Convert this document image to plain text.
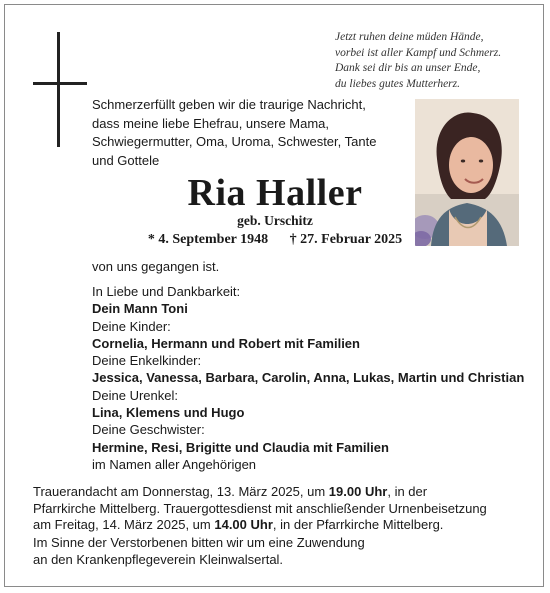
Jetzt ruhen deine müden Hände,
vorbei ist aller Kampf und Schmerz.
Dank sei dir bis an unser Ende,
du liebes gutes Mutterherz.
Schmerzerfüllt geben wir die traurige Nachricht,
dass meine liebe Ehefrau, unsere Mama,
Schwiegermutter, Oma, Uroma, Schwester, Tante
und Gottele
Ria Haller
geb. Urschitz
* 4. September 1948 † 27. Februar 2025
von uns gegangen ist.
In Liebe und Dankbarkeit:
Dein Mann Toni
Deine Kinder:
Cornelia, Hermann und Robert mit Familien
Deine Enkelkinder:
Jessica, Vanessa, Barbara, Carolin, Anna, Lukas, Martin und Christian
Deine Urenkel:
Lina, Klemens und Hugo
Deine Geschwister:
Hermine, Resi, Brigitte und Claudia mit Familien
im Namen aller Angehörigen
Trauerandacht am Donnerstag, 13. März 2025, um 19.00 Uhr, in der
Pfarrkirche Mittelberg. Trauergottesdienst mit anschließender Urnenbeisetzung
am Freitag, 14. März 2025, um 14.00 Uhr, in der Pfarrkirche Mittelberg.
Im Sinne der Verstorbenen bitten wir um eine Zuwendung
an den Krankenpflegeverein Kleinwalsertal.
